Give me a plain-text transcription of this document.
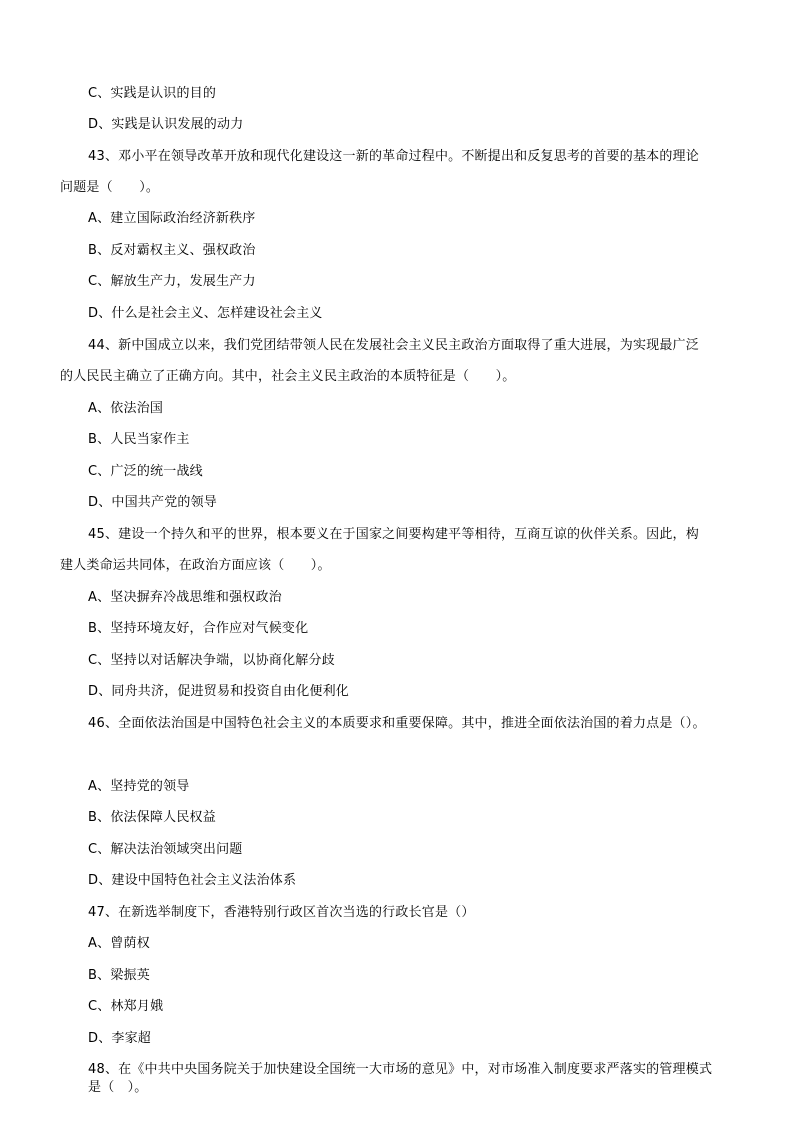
C、实践是认识的目的
D、实践是认识发展的动力
43、邓小平在领导改革开放和现代化建设这一新的革命过程中。不断提出和反复思考的首要的基本的理论
问题是（　　）。
A、建立国际政治经济新秩序
B、反对霸权主义、强权政治
C、解放生产力，发展生产力
D、什么是社会主义、怎样建设社会主义
44、新中国成立以来，我们党团结带领人民在发展社会主义民主政治方面取得了重大进展，为实现最广泛
的人民民主确立了正确方向。其中，社会主义民主政治的本质特征是（　　）。
A、依法治国
B、人民当家作主
C、广泛的统一战线
D、中国共产党的领导
45、建设一个持久和平的世界，根本要义在于国家之间要构建平等相待，互商互谅的伙伴关系。因此，构
建人类命运共同体，在政治方面应该（　　）。
A、坚决摒弃冷战思维和强权政治
B、坚持环境友好，合作应对气候变化
C、坚持以对话解决争端，以协商化解分歧
D、同舟共济，促进贸易和投资自由化便利化
46、全面依法治国是中国特色社会主义的本质要求和重要保障。其中，推进全面依法治国的着力点是（）。
A、坚持党的领导
B、依法保障人民权益
C、解决法治领域突出问题
D、建设中国特色社会主义法治体系
47、在新选举制度下，香港特别行政区首次当选的行政长官是（）
A、曾荫权
B、梁振英
C、林郑月娥
D、李家超
48、在《中共中央国务院关于加快建设全国统一大市场的意见》中，对市场准入制度要求严落实的管理模式
是（　）。
